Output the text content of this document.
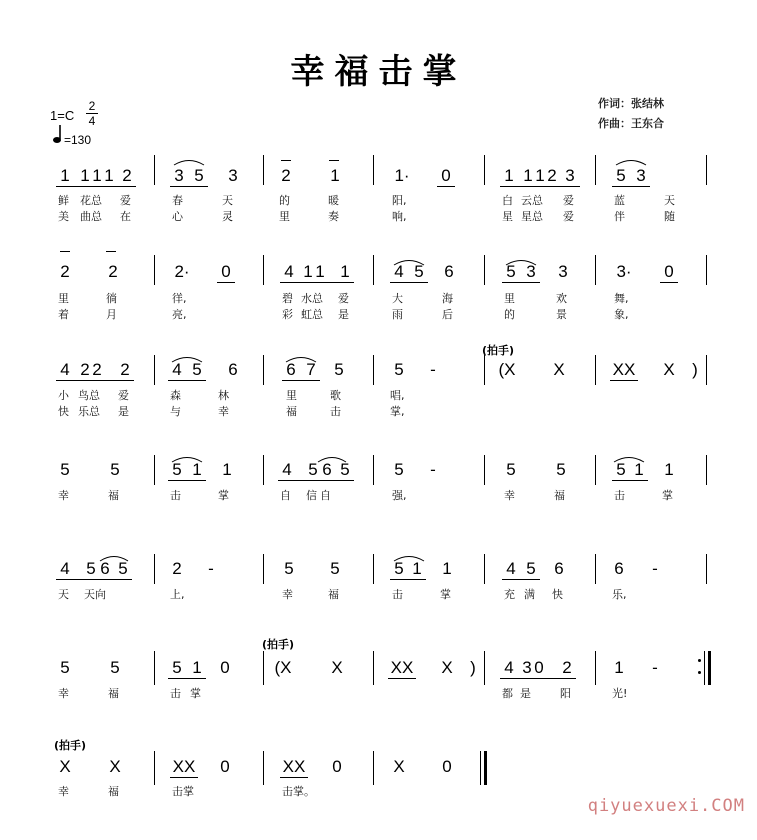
幸福击掌
作词：张结林
作曲：王东合
1=C
2
4
=130
1 1 1 1 2	3 5 3	2 1	1· 0	1 1 1 2 3 5 3
鲜 花总 爱	春	天	的	暖	阳,	白 云总 爱	蓝	天
美 曲总 在	心	灵	里	奏	响,	星 星总 爱	伴	随
2 2	2· 0	4 1 1 1	4 5 6	5 3 3	3· 0
里	徜	徉,	碧 水总 爱	大	海	里	欢	舞,
着	月	亮,	彩 虹总 是	雨	后	的	景	象,
(拍手)
4 2 2 2	4 5 6	6 7 5	5	-	(X X	XX X	)
小 鸟总 爱	森	林	里	歌	唱,
快 乐总 是	与	幸	福	击	掌,
5 5	5 1 1	4 5 6 5	5	-	5 5	5 1 1
幸	福	击	掌	自 信 自	强,	幸	福	击	掌
4 5 6 5	2	-	5 5	5 1 1	4 5 6	6	-
天 天向	上,	幸	福	击	掌	充 满 快	乐,
(拍手)
5 5	5 1 0	(X X	XX X	)	4 3 0 2	1	-
幸	福	击 掌	都 是	阳	光!
(拍手)
X X	XX 0	XX 0	X 0
幸	福	击掌	击掌。
qiyuexuexi.COM
